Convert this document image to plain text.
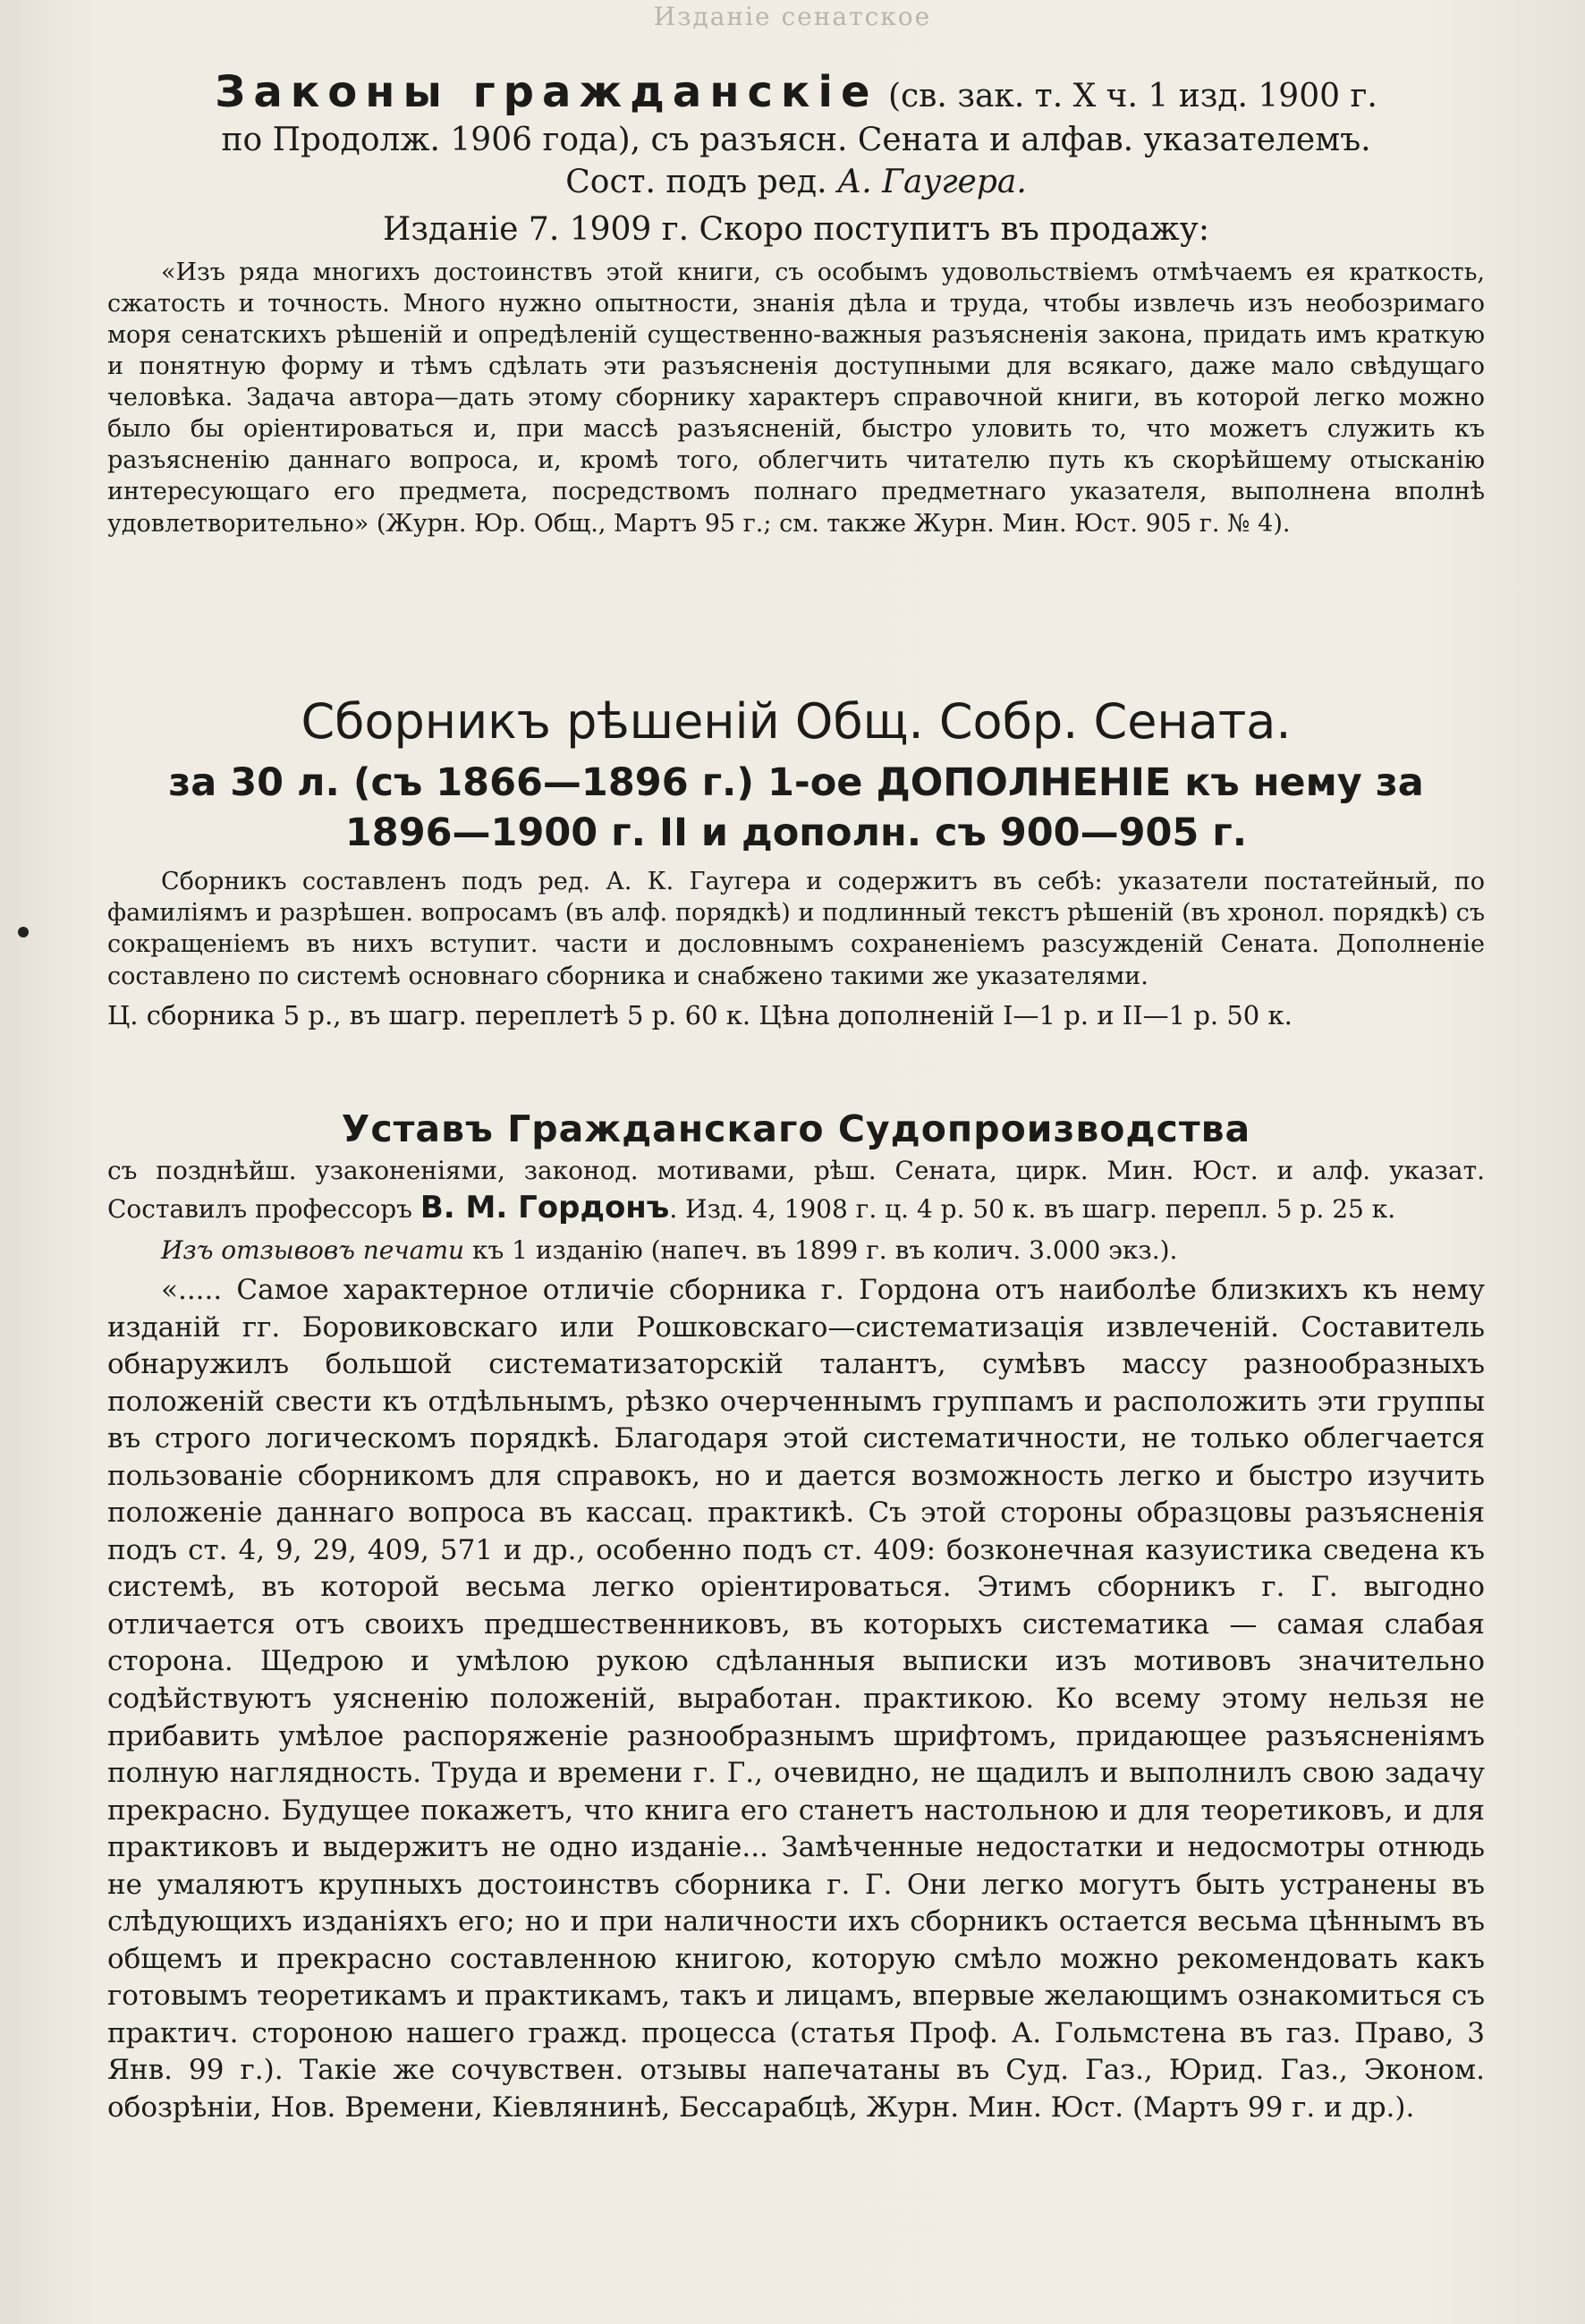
Изданіе сенатское

Законы гражданскіе (св. зак. т. X ч. 1 изд. 1900 г.

по Продолж. 1906 года), съ разъясн. Сената и алфав. указателемъ.

Сост. подъ ред. А. Гаугера.

Изданіе 7. 1909 г. Скоро поступитъ въ продажу:

«Изъ ряда многихъ достоинствъ этой книги, съ особымъ удовольствіемъ отмѣчаемъ ея краткость, сжатость и точность. Много нужно опытности, знанія дѣла и труда, чтобы извлечь изъ необозримаго моря сенатскихъ рѣшеній и опредѣленій существенно-важныя разъясненія закона, придать имъ краткую и понятную форму и тѣмъ сдѣлать эти разъясненія доступными для всякаго, даже мало свѣдущаго человѣка. Задача автора—дать этому сборнику характеръ справочной книги, въ которой легко можно было бы оріентироваться и, при массѣ разъясненій, быстро уловить то, что можетъ служить къ разъясненію даннаго вопроса, и, кромѣ того, облегчить читателю путь къ скорѣйшему отысканію интересующаго его предмета, посредствомъ полнаго предметнаго указателя, выполнена вполнѣ удовлетворительно» (Журн. Юр. Общ., Мартъ 95 г.; см. также Журн. Мин. Юст. 905 г. № 4).

Сборникъ рѣшеній Общ. Собр. Сената.

за 30 л. (съ 1866—1896 г.) 1-ое ДОПОЛНЕНІЕ къ нему за

1896—1900 г. II и дополн. съ 900—905 г.

Сборникъ составленъ подъ ред. А. К. Гаугера и содержитъ въ себѣ: указатели постатейный, по фамиліямъ и разрѣшен. вопросамъ (въ алф. порядкѣ) и подлинный текстъ рѣшеній (въ хронол. порядкѣ) съ сокращеніемъ въ нихъ вступит. части и дословнымъ сохраненіемъ разсужденій Сената. Дополненіе составлено по системѣ основнаго сборника и снабжено такими же указателями.

Ц. сборника 5 р., въ шагр. переплетѣ 5 р. 60 к. Цѣна дополненій I—1 р. и II—1 р. 50 к.

Уставъ Гражданскаго Судопроизводства

съ позднѣйш. узаконеніями, законод. мотивами, рѣш. Сената, цирк. Мин. Юст. и алф. указат. Составилъ профессоръ В. М. Гордонъ. Изд. 4, 1908 г. ц. 4 р. 50 к. въ шагр. перепл. 5 р. 25 к.

Изъ отзывовъ печати къ 1 изданію (напеч. въ 1899 г. въ колич. 3.000 экз.).

«..... Самое характерное отличіе сборника г. Гордона отъ наиболѣе близкихъ къ нему изданій гг. Боровиковскаго или Рошковскаго—систематизація извлеченій. Составитель обнаружилъ большой систематизаторскій талантъ, сумѣвъ массу разнообразныхъ положеній свести къ отдѣльнымъ, рѣзко очерченнымъ группамъ и расположить эти группы въ строго логическомъ порядкѣ. Благодаря этой систематичности, не только облегчается пользованіе сборникомъ для справокъ, но и дается возможность легко и быстро изучить положеніе даннаго вопроса въ кассац. практикѣ. Съ этой стороны образцовы разъясненія подъ ст. 4, 9, 29, 409, 571 и др., особенно подъ ст. 409: бозконечная казуистика сведена къ системѣ, въ которой весьма легко оріентироваться. Этимъ сборникъ г. Г. выгодно отличается отъ своихъ предшественниковъ, въ которыхъ систематика — самая слабая сторона. Щедрою и умѣлою рукою сдѣланныя выписки изъ мотивовъ значительно содѣйствуютъ уясненію положеній, выработан. практикою. Ко всему этому нельзя не прибавить умѣлое распоряженіе разнообразнымъ шрифтомъ, придающее разъясненіямъ полную наглядность. Труда и времени г. Г., очевидно, не щадилъ и выполнилъ свою задачу прекрасно. Будущее покажетъ, что книга его станетъ настольною и для теоретиковъ, и для практиковъ и выдержитъ не одно изданіе... Замѣченные недостатки и недосмотры отнюдь не умаляютъ крупныхъ достоинствъ сборника г. Г. Они легко могутъ быть устранены въ слѣдующихъ изданіяхъ его; но и при наличности ихъ сборникъ остается весьма цѣннымъ въ общемъ и прекрасно составленною книгою, которую смѣло можно рекомендовать какъ готовымъ теоретикамъ и практикамъ, такъ и лицамъ, впервые желающимъ ознакомиться съ практич. стороною нашего гражд. процесса (статья Проф. А. Гольмстена въ газ. Право, 3 Янв. 99 г.). Такіе же сочувствен. отзывы напечатаны въ Суд. Газ., Юрид. Газ., Эконом. обозрѣніи, Нов. Времени, Кіевлянинѣ, Бессарабцѣ, Журн. Мин. Юст. (Мартъ 99 г. и др.).
